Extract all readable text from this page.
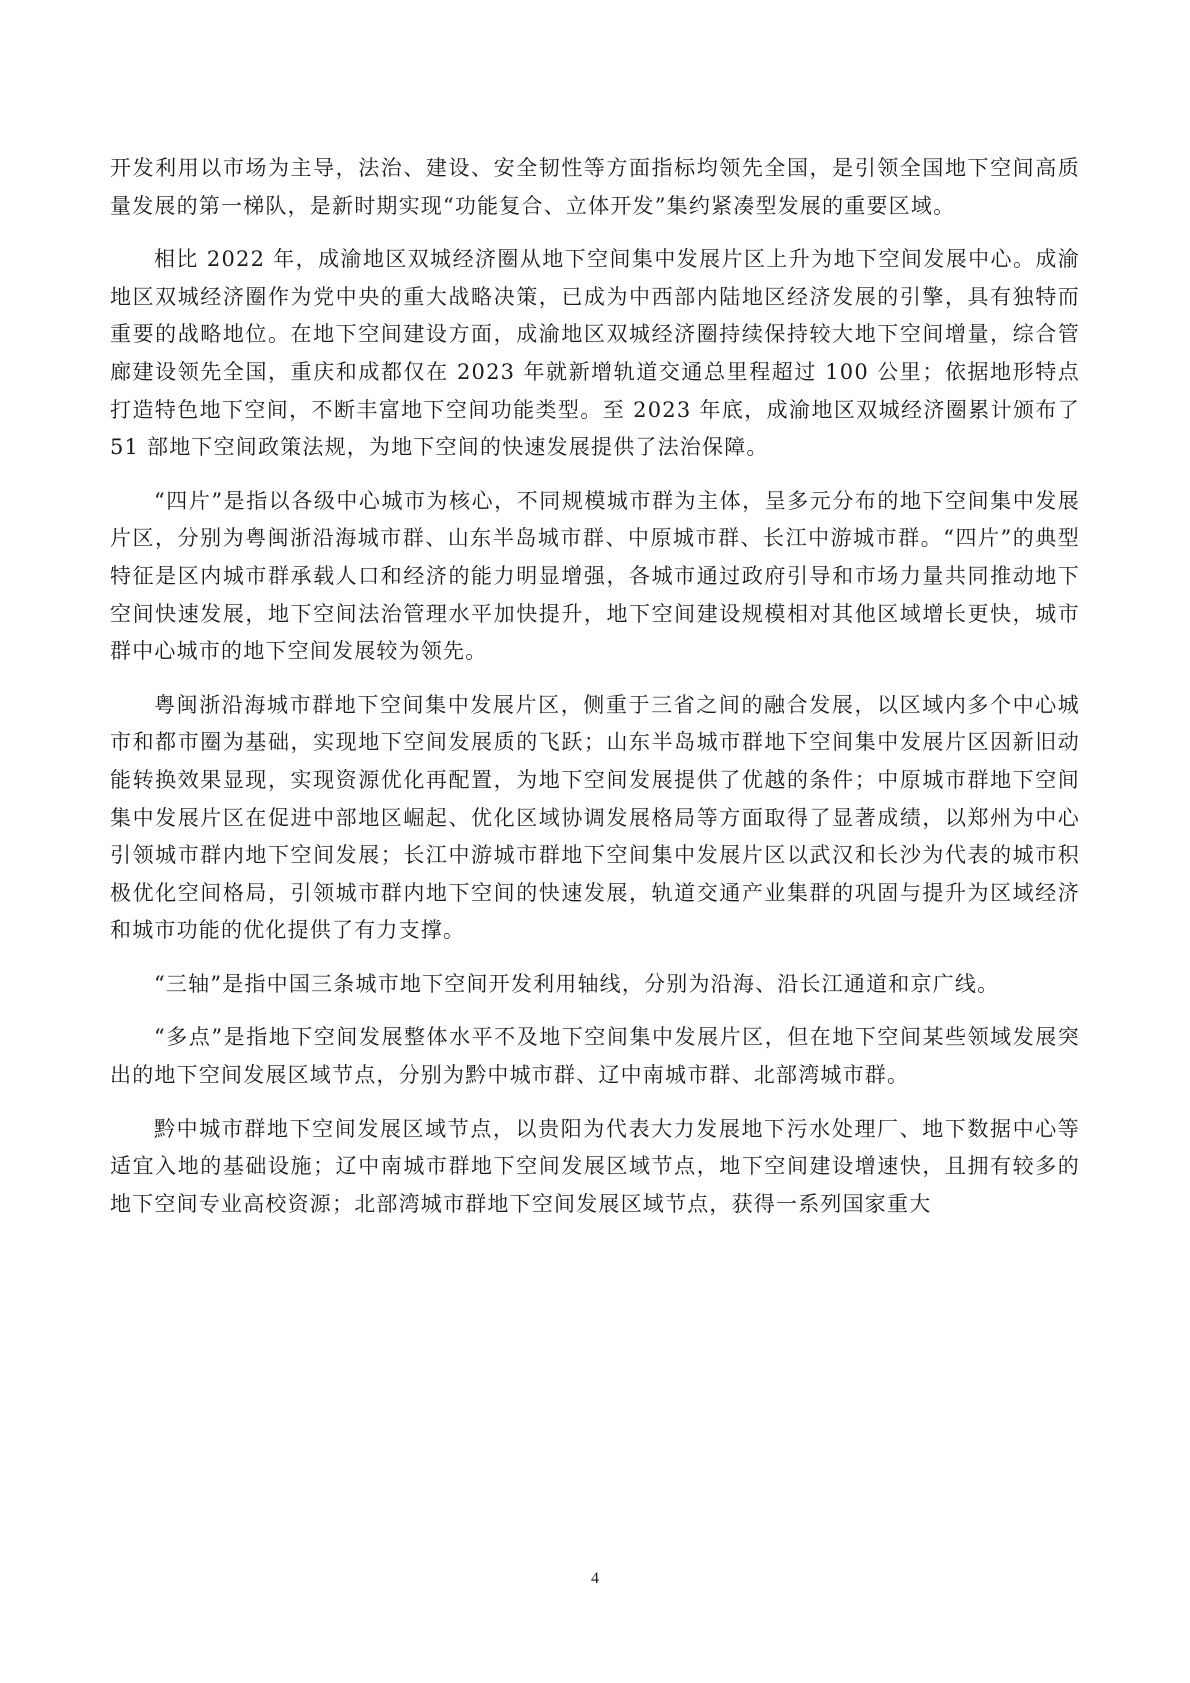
开发利用以市场为主导，法治、建设、安全韧性等方面指标均领先全国，是引领全国地下空间高质量发展的第一梯队，是新时期实现“功能复合、立体开发”集约紧凑型发展的重要区域。

相比 2022 年，成渝地区双城经济圈从地下空间集中发展片区上升为地下空间发展中心。成渝地区双城经济圈作为党中央的重大战略决策，已成为中西部内陆地区经济发展的引擎，具有独特而重要的战略地位。在地下空间建设方面，成渝地区双城经济圈持续保持较大地下空间增量，综合管廊建设领先全国，重庆和成都仅在 2023 年就新增轨道交通总里程超过 100 公里；依据地形特点打造特色地下空间，不断丰富地下空间功能类型。至 2023 年底，成渝地区双城经济圈累计颁布了 51 部地下空间政策法规，为地下空间的快速发展提供了法治保障。

“四片”是指以各级中心城市为核心，不同规模城市群为主体，呈多元分布的地下空间集中发展片区，分别为粤闽浙沿海城市群、山东半岛城市群、中原城市群、长江中游城市群。“四片”的典型特征是区内城市群承载人口和经济的能力明显增强，各城市通过政府引导和市场力量共同推动地下空间快速发展，地下空间法治管理水平加快提升，地下空间建设规模相对其他区域增长更快，城市群中心城市的地下空间发展较为领先。

粤闽浙沿海城市群地下空间集中发展片区，侧重于三省之间的融合发展，以区域内多个中心城市和都市圈为基础，实现地下空间发展质的飞跃；山东半岛城市群地下空间集中发展片区因新旧动能转换效果显现，实现资源优化再配置，为地下空间发展提供了优越的条件；中原城市群地下空间集中发展片区在促进中部地区崛起、优化区域协调发展格局等方面取得了显著成绩，以郑州为中心引领城市群内地下空间发展；长江中游城市群地下空间集中发展片区以武汉和长沙为代表的城市积极优化空间格局，引领城市群内地下空间的快速发展，轨道交通产业集群的巩固与提升为区域经济和城市功能的优化提供了有力支撑。

“三轴”是指中国三条城市地下空间开发利用轴线，分别为沿海、沿长江通道和京广线。

“多点”是指地下空间发展整体水平不及地下空间集中发展片区，但在地下空间某些领域发展突出的地下空间发展区域节点，分别为黔中城市群、辽中南城市群、北部湾城市群。

黔中城市群地下空间发展区域节点，以贵阳为代表大力发展地下污水处理厂、地下数据中心等适宜入地的基础设施；辽中南城市群地下空间发展区域节点，地下空间建设增速快，且拥有较多的地下空间专业高校资源；北部湾城市群地下空间发展区域节点，获得一系列国家重大

4
